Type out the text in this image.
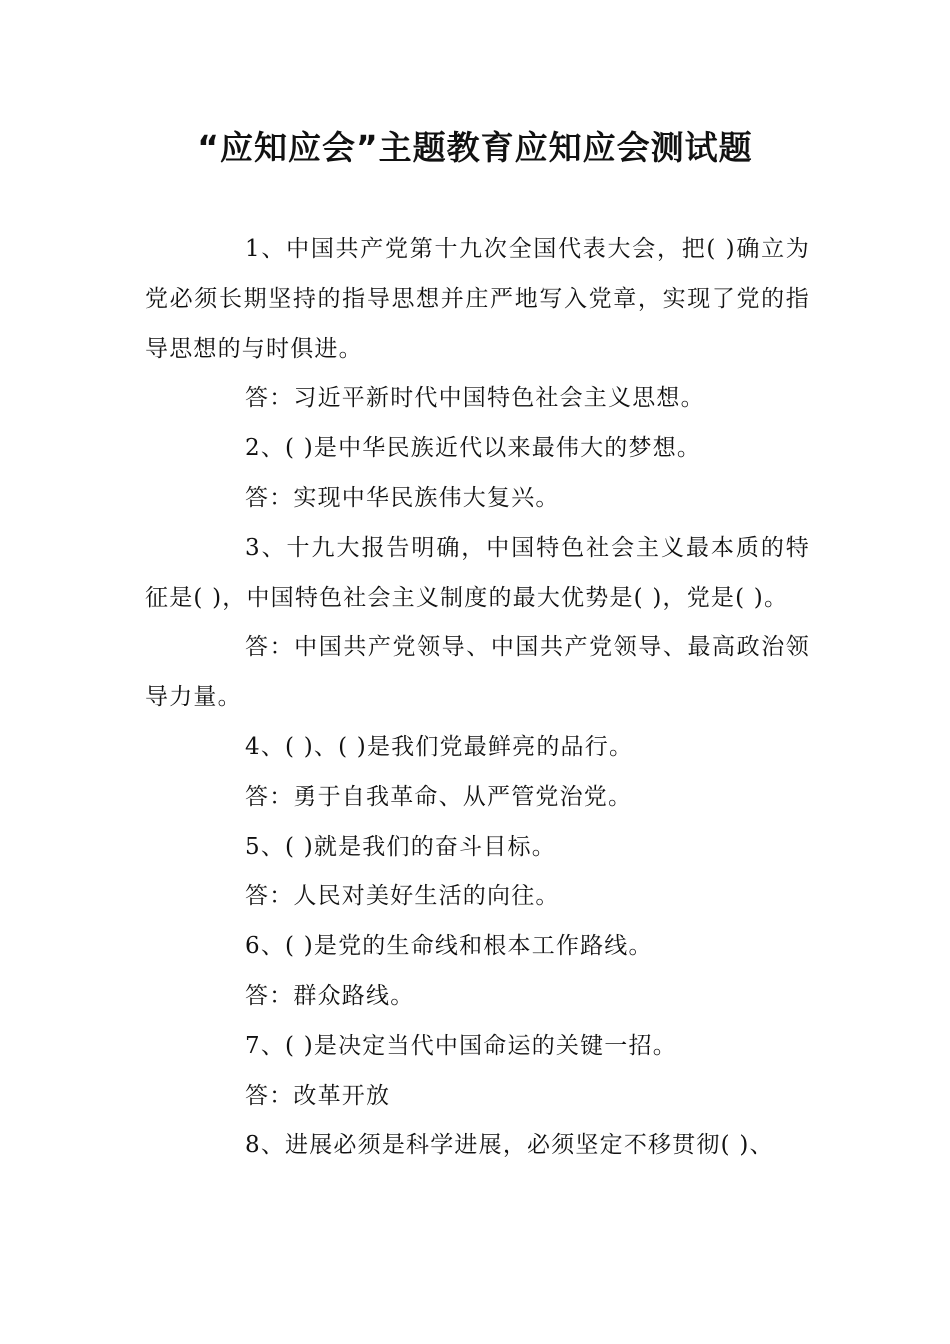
“应知应会”主题教育应知应会测试题

1、中国共产党第十九次全国代表大会，把( )确立为党必须长期坚持的指导思想并庄严地写入党章，实现了党的指导思想的与时俱进。

答：习近平新时代中国特色社会主义思想。

2、( )是中华民族近代以来最伟大的梦想。

答：实现中华民族伟大复兴。

3、十九大报告明确，中国特色社会主义最本质的特征是( )，中国特色社会主义制度的最大优势是( )，党是( )。

答：中国共产党领导、中国共产党领导、最高政治领导力量。

4、( )、( )是我们党最鲜亮的品行。

答：勇于自我革命、从严管党治党。

5、( )就是我们的奋斗目标。

答：人民对美好生活的向往。

6、( )是党的生命线和根本工作路线。

答：群众路线。

7、( )是决定当代中国命运的关键一招。

答：改革开放

8、进展必须是科学进展，必须坚定不移贯彻( )、
